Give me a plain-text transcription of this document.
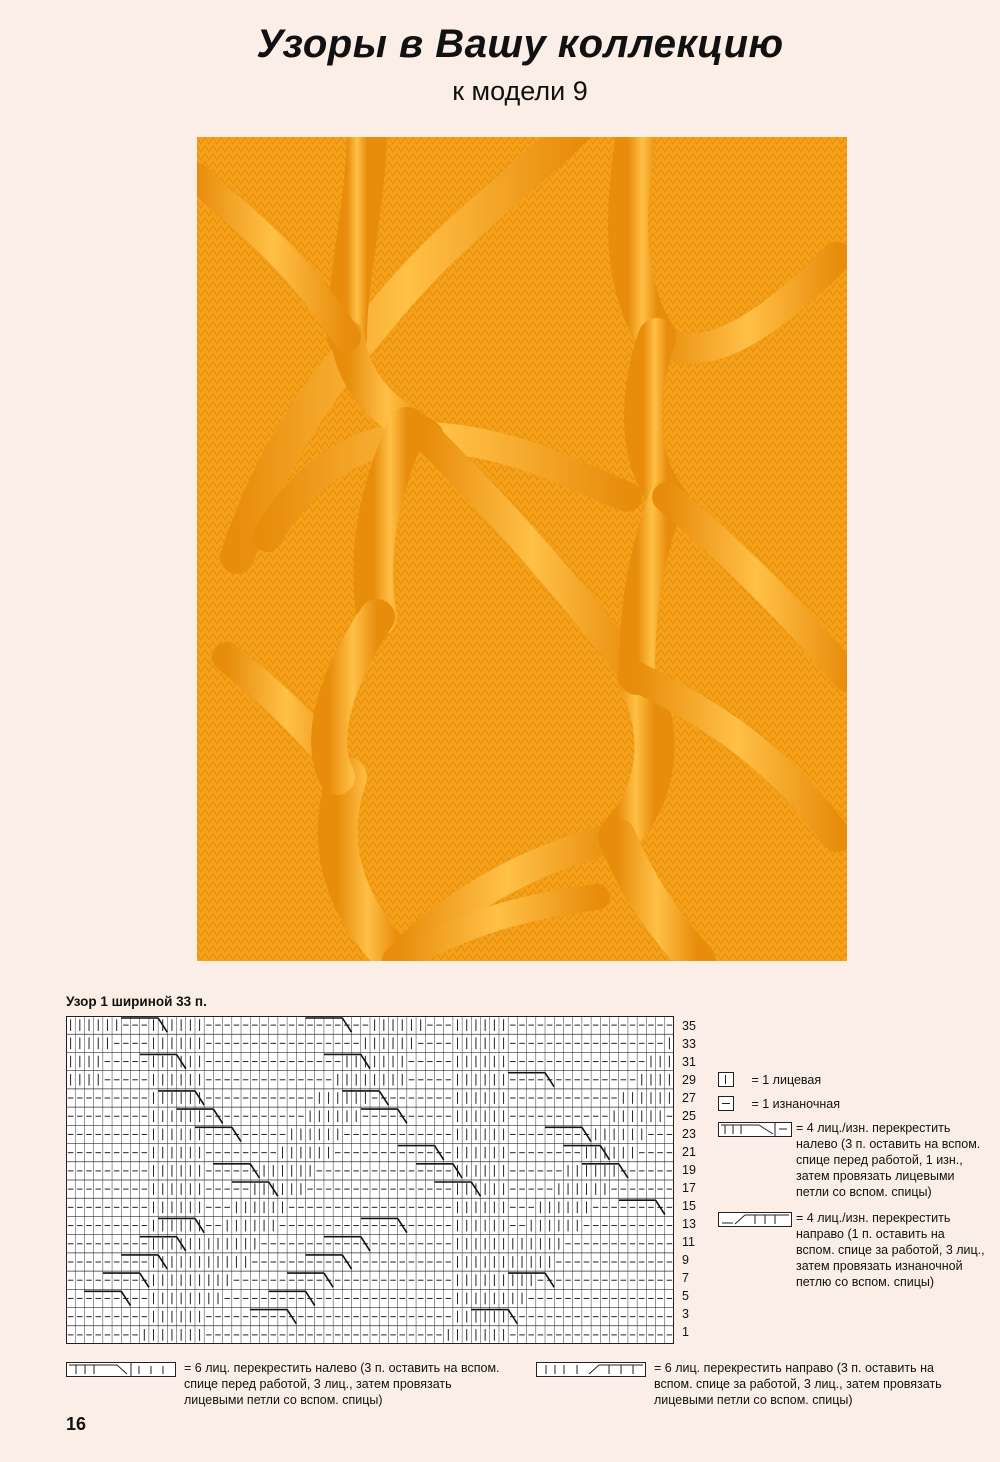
Узоры в Вашу коллекцию
к модели 9
Узор 1 шириной 33 п.
35
33
31
29
27
25
23
21
19
17
15
13
11
9
7
5
3
1
= 1 лицевая
= 1 изнаночная
= 4 лиц./изн. перекрестить налево (3 п. оставить на вспом. спице перед работой, 1 изн., затем провязать лицевыми петли со вспом. спицы)
= 4 лиц./изн. перекрестить направо (1 п. оставить на вспом. спице за работой, 3 лиц., затем провязать изнаночной петлю со вспом. спицы)
= 6 лиц. перекрестить налево (3 п. оставить на вспом. спице перед работой, 3 лиц., затем провязать лицевыми петли со вспом. спицы)
= 6 лиц. перекрестить направо (3 п. оставить на вспом. спице за работой, 3 лиц., затем провязать лицевыми петли со вспом. спицы)
16
